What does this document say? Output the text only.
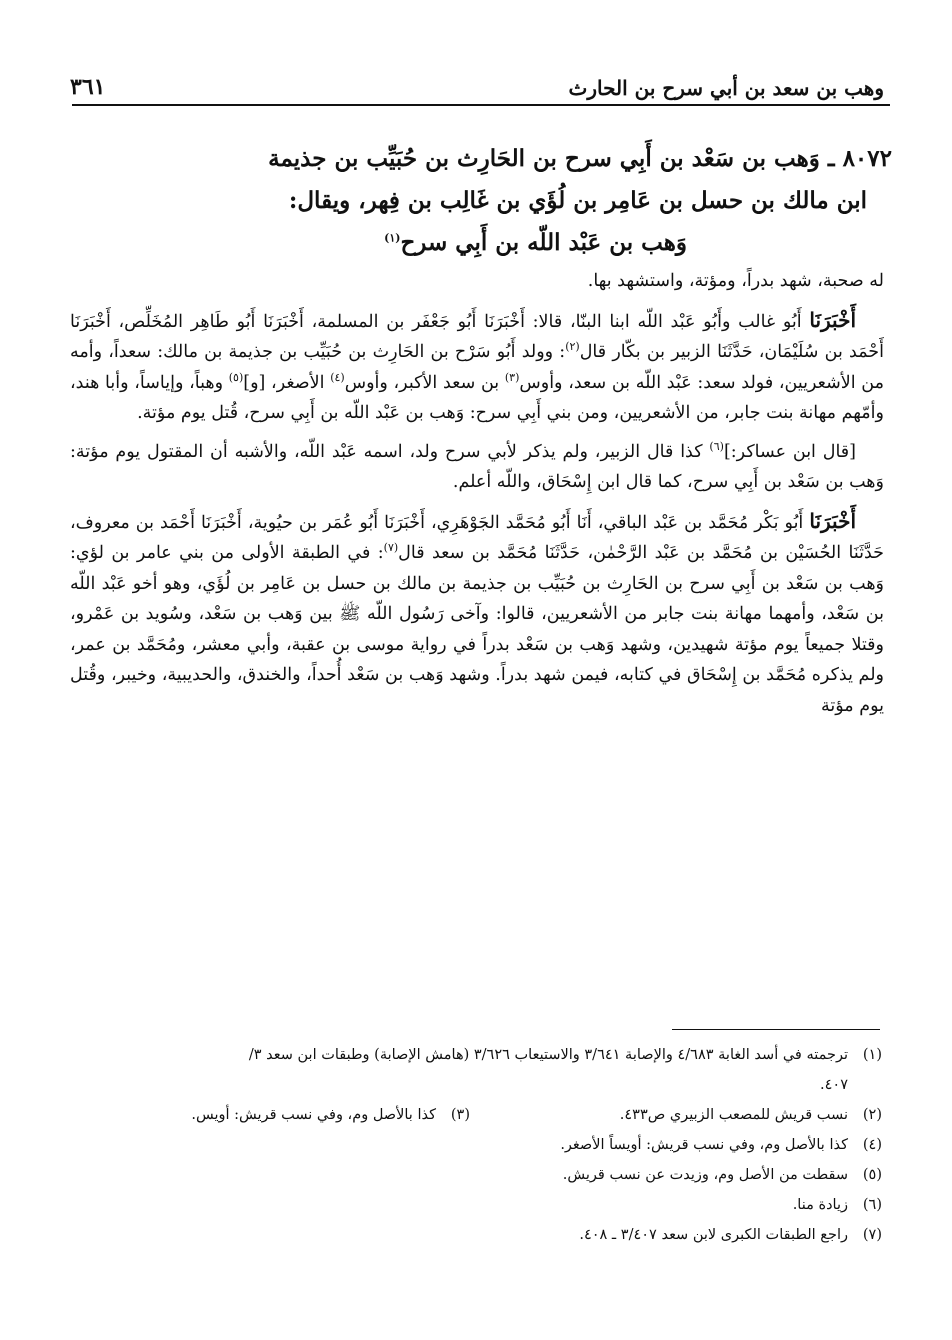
وهب بن سعد بن أبي سرح بن الحارث
٣٦١
٨٠٧٢ ـ وَهب بن سَعْد بن أَبِي سرح بن الحَارِث بن حُبَيِّب بن جذيمة
ابن مالك بن حسل بن عَامِر بن لُؤَي بن غَالِب بن فِهر، ويقال:
وَهب بن عَبْد اللّه بن أَبِي سرح$^{(١)}$

له صحبة، شهد بدراً، ومؤتة، واستشهد بها.

أَخْبَرَنَا أَبُو غالب وأَبُو عَبْد اللّه ابنا البنّا، قالا: أَخْبَرَنَا أَبُو جَعْفَر بن المسلمة، أَخْبَرَنَا أَبُو طَاهِر المُخَلِّص، أَخْبَرَنَا أَحْمَد بن سُلَيْمَان، حَدَّثَنَا الزبير بن بكّار قال$^{(٢)}$: وولد أَبُو سَرْح بن الحَارِث بن حُبَيِّب بن جذيمة بن مالك: سعداً، وأمه من الأشعريين، فولد سعد: عَبْد اللّه بن سعد، وأوس$^{(٣)}$ بن سعد الأكبر، وأوس$^{(٤)}$ الأصغر، [و]$^{(٥)}$ وهباً، وإياساً، وأبا هند، وأمّهم مهانة بنت جابر، من الأشعريين، ومن بني أَبِي سرح: وَهب بن عَبْد اللّه بن أَبِي سرح، قُتل يوم مؤتة.

[قال ابن عساكر:]$^{(٦)}$ كذا قال الزبير، ولم يذكر لأبي سرح ولد، اسمه عَبْد اللّه، والأشبه أن المقتول يوم مؤتة: وَهب بن سَعْد بن أَبِي سرح، كما قال ابن إِسْحَاق، واللّه أعلم.

أَخْبَرَنَا أَبُو بَكْر مُحَمَّد بن عَبْد الباقي، أَنَا أَبُو مُحَمَّد الجَوْهَرِي، أَخْبَرَنَا أَبُو عُمَر بن حيُوية، أَخْبَرَنَا أَحْمَد بن معروف، حَدَّثَنَا الحُسَيْن بن مُحَمَّد بن عَبْد الرَّحْمٰن، حَدَّثَنَا مُحَمَّد بن سعد قال$^{(٧)}$: في الطبقة الأولى من بني عامر بن لؤي: وَهب بن سَعْد بن أَبِي سرح بن الحَارِث بن حُبَيِّب بن جذيمة بن مالك بن حسل بن عَامِر بن لُؤَي، وهو أخو عَبْد اللّه بن سَعْد، وأمهما مهانة بنت جابر من الأشعريين، قالوا: وآخى رَسُول اللّه ﷺ بين وَهب بن سَعْد، وسُويد بن عَمْرو، وقتلا جميعاً يوم مؤتة شهيدين، وشهد وَهب بن سَعْد بدراً في رواية موسى بن عقبة، وأبي معشر، ومُحَمَّد بن عمر، ولم يذكره مُحَمَّد بن إِسْحَاق في كتابه، فيمن شهد بدراً. وشهد وَهب بن سَعْد أُحداً، والخندق، والحديبية، وخيبر، وقُتل يوم مؤتة

(١)
ترجمته في أسد الغابة ٤/٦٨٣ والإصابة ٣/٦٤١ والاستيعاب ٣/٦٢٦ (هامش الإصابة) وطبقات ابن سعد ٣/
٤٠٧.
(٢)
نسب قريش للمصعب الزبيري ص٤٣٣.
(٣)
كذا بالأصل وم، وفي نسب قريش: أويس.
(٤)
كذا بالأصل وم، وفي نسب قريش: أويساً الأصغر.
(٥)
سقطت من الأصل وم، وزيدت عن نسب قريش.
(٦)
زيادة منا.
(٧)
راجع الطبقات الكبرى لابن سعد ٣/٤٠٧ ـ ٤٠٨.
